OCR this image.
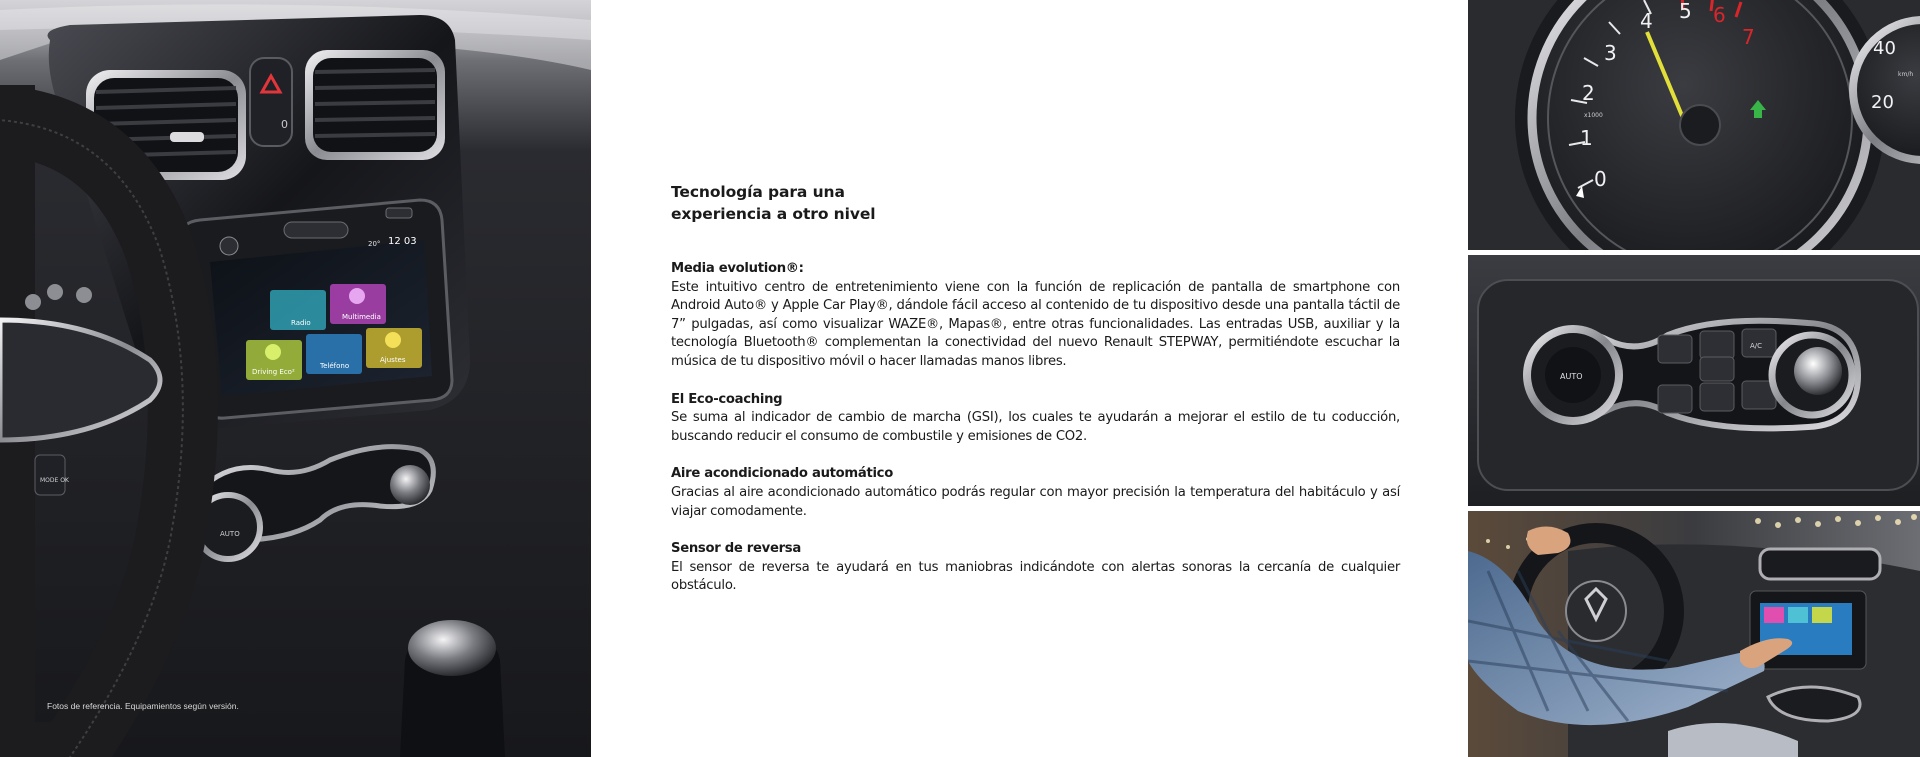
0
20° 12 03
Radio
Multimedia
Driving Eco²
Teléfono
Ajustes
AUTO
MODE OK
Fotos de referencia. Equipamientos según versión.
Tecnología para una
experiencia a otro nivel

Media evolution®:

Este intuitivo centro de entretenimiento viene con la función de replicación de pantalla de smartphone con Android Auto® y Apple Car Play®, dándole fácil acceso al contenido de tu dispositivo desde una pantalla táctil de 7” pulgadas, así como visualizar WAZE®, Mapas®, entre otras funcionalidades. Las entradas USB, auxiliar y la tecnología Bluetooth® complementan la conectividad del nuevo Renault STEPWAY, permitiéndote escuchar la música de tu dispositivo móvil o hacer llamadas manos libres.

El Eco-coaching

Se suma al indicador de cambio de marcha (GSI), los cuales te ayudarán a mejorar el estilo de tu coducción, buscando reducir el consumo de combustile y emisiones de CO2.

Aire acondicionado automático

Gracias al aire acondicionado automático podrás regular con mayor precisión la temperatura del habitáculo y así viajar comodamente.

Sensor de reversa

El sensor de reversa te ayudará en tus maniobras indicándote con alertas sonoras la cercanía de cualquier obstáculo.

0
1
2
3
4 5 6
7
x1000
40
20
km/h
AUTO
A/C
